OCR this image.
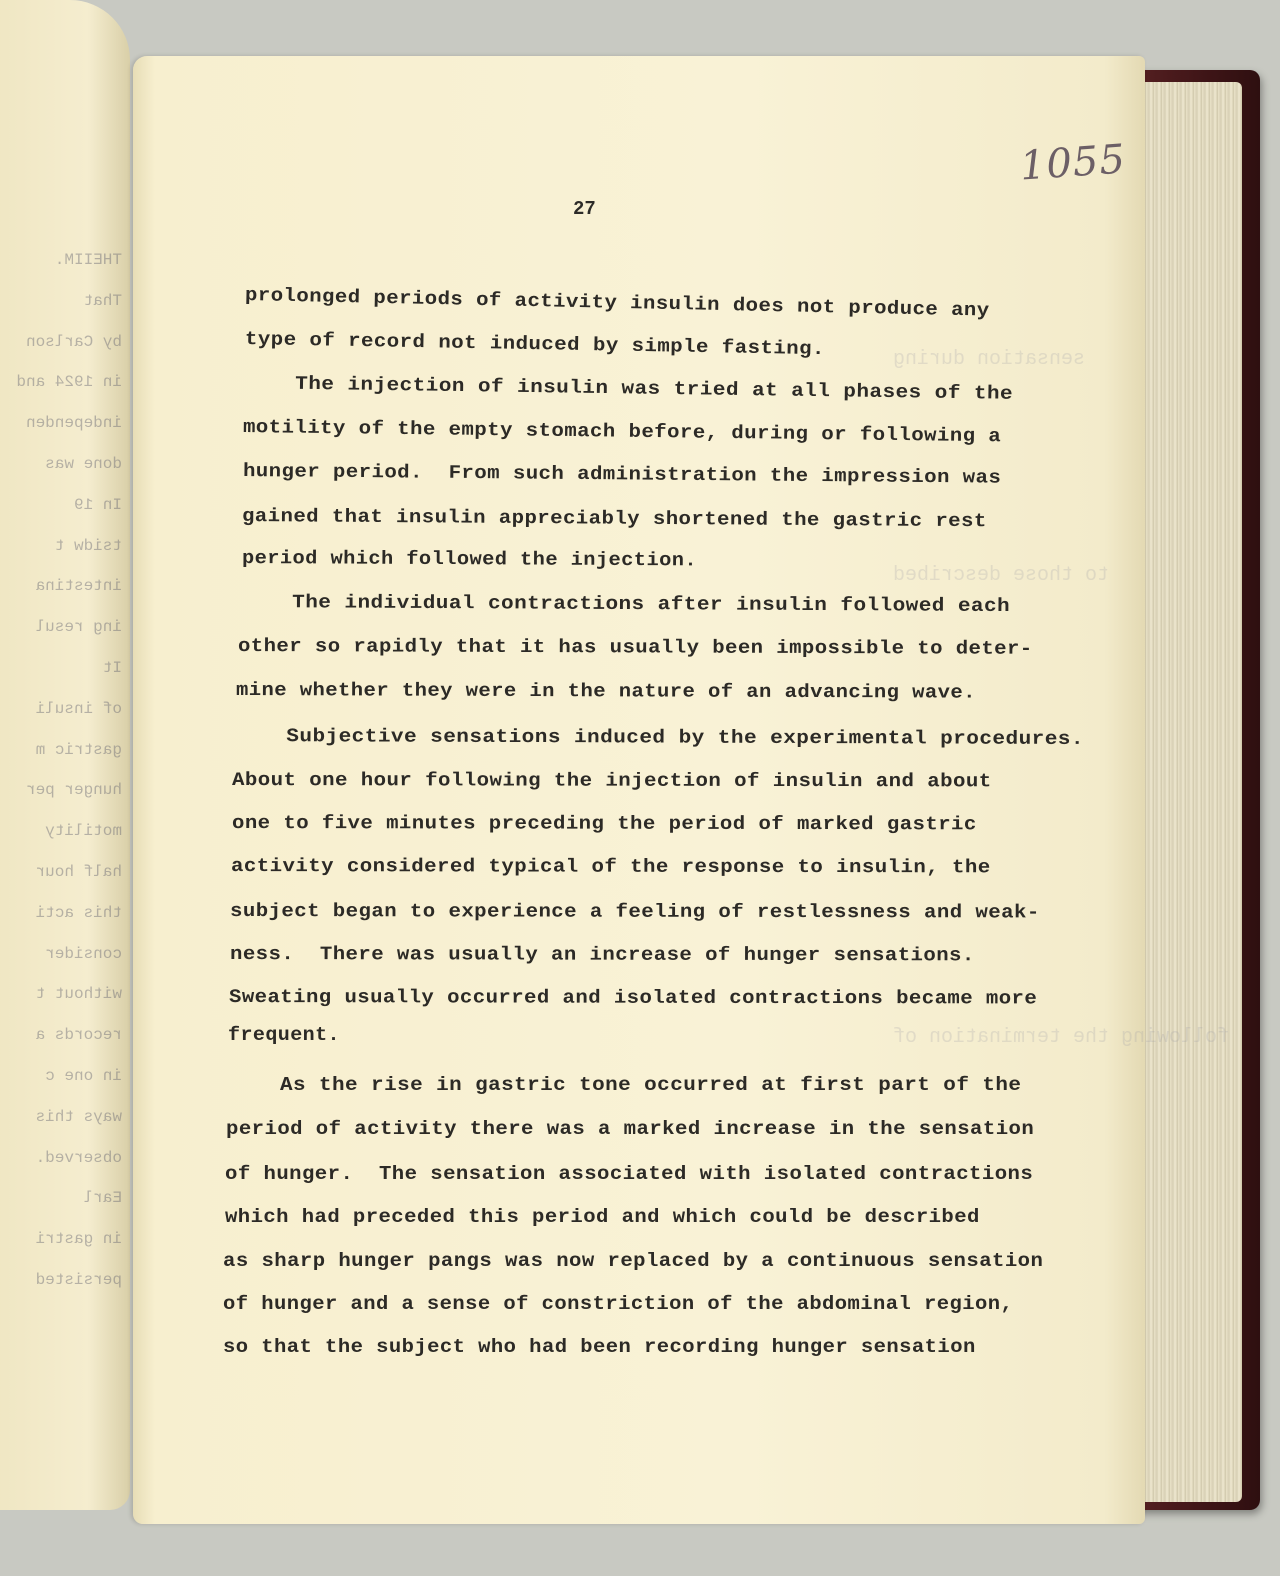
THEIIM.
That
by Carlson
in 1924 and
independen
done was
In 19
tsidw t
intestina
ing resul
It
of insuli
gastric m
hunger per
motility
half hour
this acti
consider
without t
records a
in one c
ways this
observed.
Earl
in gastri
persisted
sensation during
to those described
following the termination of
1055
27
prolonged periods of activity insulin does not produce any
type of record not induced by simple fasting.
The injection of insulin was tried at all phases of the
motility of the empty stomach before, during or following a
hunger period.  From such administration the impression was
gained that insulin appreciably shortened the gastric rest
period which followed the injection.
The individual contractions after insulin followed each
other so rapidly that it has usually been impossible to deter-
mine whether they were in the nature of an advancing wave.
Subjective sensations induced by the experimental procedures.
About one hour following the injection of insulin and about
one to five minutes preceding the period of marked gastric
activity considered typical of the response to insulin, the
subject began to experience a feeling of restlessness and weak-
ness.  There was usually an increase of hunger sensations.
Sweating usually occurred and isolated contractions became more
frequent.
As the rise in gastric tone occurred at first part of the
period of activity there was a marked increase in the sensation
of hunger.  The sensation associated with isolated contractions
which had preceded this period and which could be described
as sharp hunger pangs was now replaced by a continuous sensation
of hunger and a sense of constriction of the abdominal region,
so that the subject who had been recording hunger sensation
